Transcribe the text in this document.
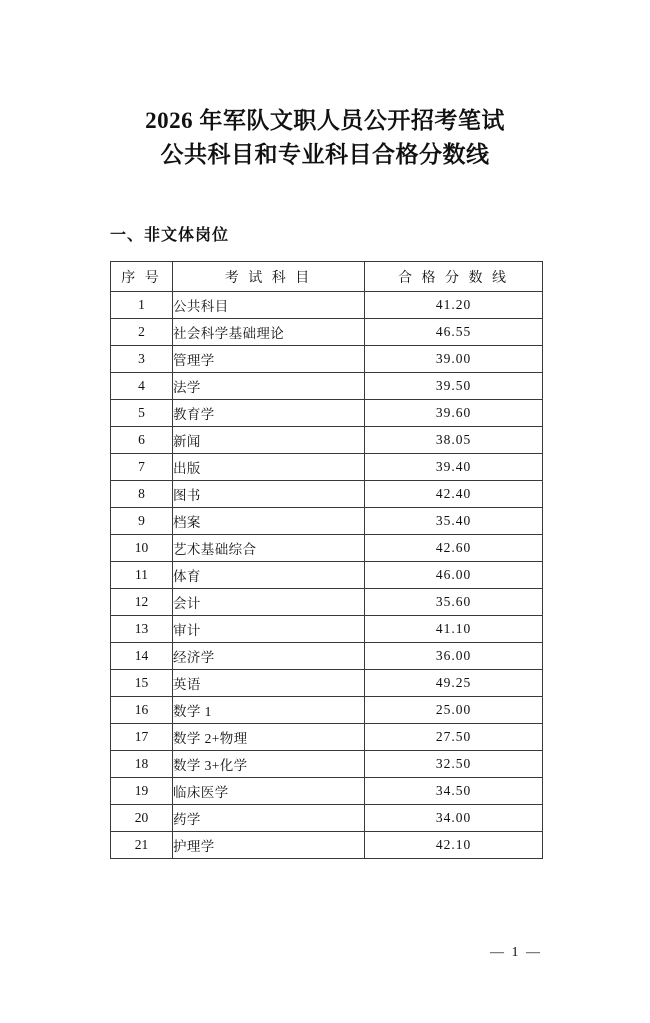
2026 年军队文职人员公开招考笔试
公共科目和专业科目合格分数线
一、非文体岗位
序 号	考 试 科 目	合 格 分 数 线
1	公共科目	41.20
2	社会科学基础理论	46.55
3	管理学	39.00
4	法学	39.50
5	教育学	39.60
6	新闻	38.05
7	出版	39.40
8	图书	42.40
9	档案	35.40
10	艺术基础综合	42.60
11	体育	46.00
12	会计	35.60
13	审计	41.10
14	经济学	36.00
15	英语	49.25
16	数学 1	25.00
17	数学 2+物理	27.50
18	数学 3+化学	32.50
19	临床医学	34.50
20	药学	34.00
21	护理学	42.10
— 1 —
